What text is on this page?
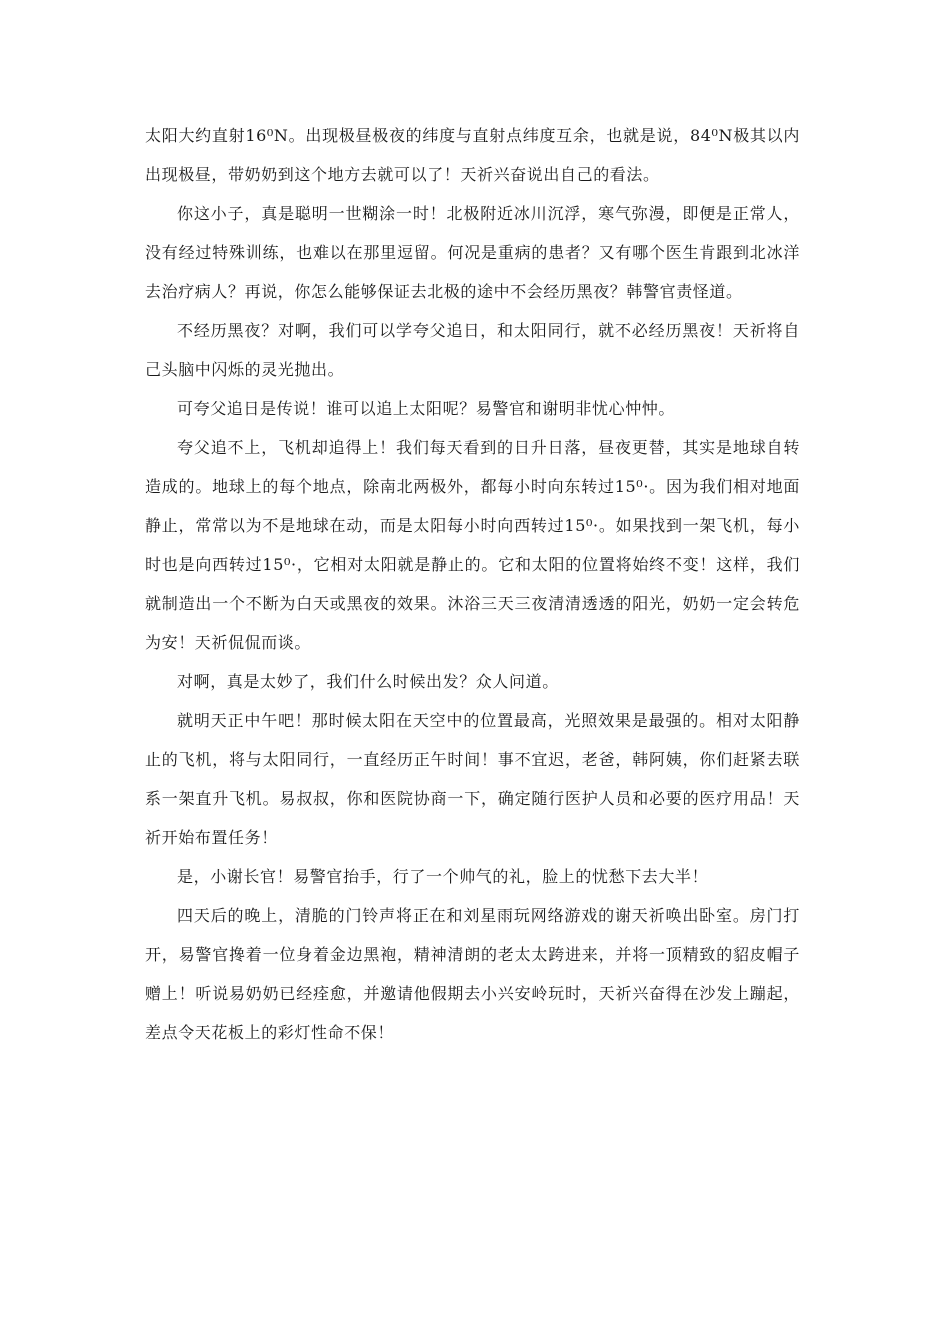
太阳大约直射16⁰N。出现极昼极夜的纬度与直射点纬度互余，也就是说，84⁰N极其以内出现极昼，带奶奶到这个地方去就可以了！天祈兴奋说出自己的看法。

你这小子，真是聪明一世糊涂一时！北极附近冰川沉浮，寒气弥漫，即便是正常人，没有经过特殊训练，也难以在那里逗留。何况是重病的患者？又有哪个医生肯跟到北冰洋去治疗病人？再说，你怎么能够保证去北极的途中不会经历黑夜？韩警官责怪道。

不经历黑夜？对啊，我们可以学夸父追日，和太阳同行，就不必经历黑夜！天祈将自己头脑中闪烁的灵光抛出。

可夸父追日是传说！谁可以追上太阳呢？易警官和谢明非忧心忡忡。

夸父追不上，飞机却追得上！我们每天看到的日升日落，昼夜更替，其实是地球自转造成的。地球上的每个地点，除南北两极外，都每小时向东转过15⁰·。因为我们相对地面静止，常常以为不是地球在动，而是太阳每小时向西转过15⁰·。如果找到一架飞机，每小时也是向西转过15⁰·，它相对太阳就是静止的。它和太阳的位置将始终不变！这样，我们就制造出一个不断为白天或黑夜的效果。沐浴三天三夜清清透透的阳光，奶奶一定会转危为安！天祈侃侃而谈。

对啊，真是太妙了，我们什么时候出发？众人问道。

就明天正中午吧！那时候太阳在天空中的位置最高，光照效果是最强的。相对太阳静止的飞机，将与太阳同行，一直经历正午时间！事不宜迟，老爸，韩阿姨，你们赶紧去联系一架直升飞机。易叔叔，你和医院协商一下，确定随行医护人员和必要的医疗用品！天祈开始布置任务！

是，小谢长官！易警官抬手，行了一个帅气的礼，脸上的忧愁下去大半！

四天后的晚上，清脆的门铃声将正在和刘星雨玩网络游戏的谢天祈唤出卧室。房门打开，易警官搀着一位身着金边黑袍，精神清朗的老太太跨进来，并将一顶精致的貂皮帽子赠上！听说易奶奶已经痊愈，并邀请他假期去小兴安岭玩时，天祈兴奋得在沙发上蹦起，差点令天花板上的彩灯性命不保！
